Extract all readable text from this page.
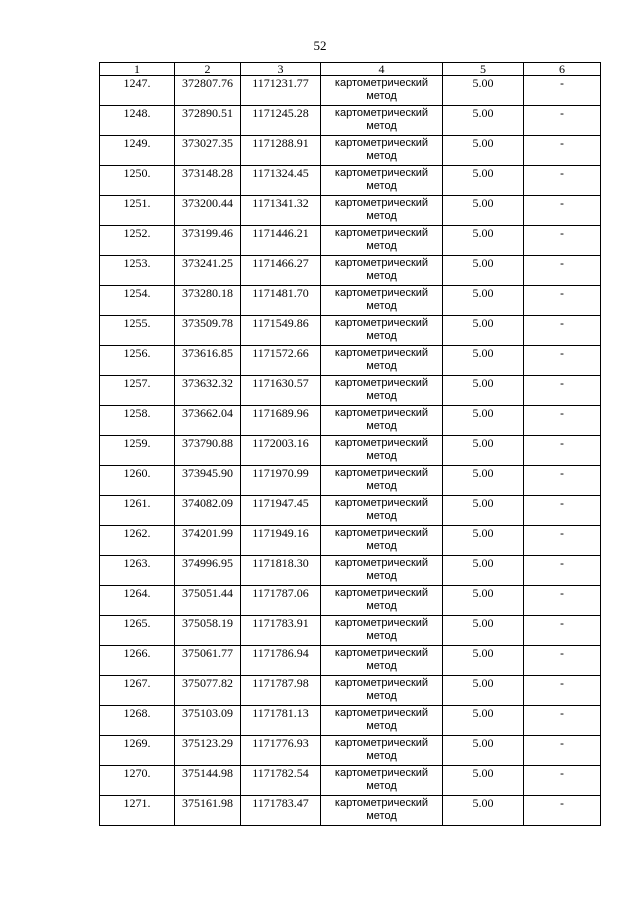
52
1	2	3	4	5	6
1247.	372807.76	1171231.77	картометрический метод	5.00	-
1248.	372890.51	1171245.28	картометрический метод	5.00	-
1249.	373027.35	1171288.91	картометрический метод	5.00	-
1250.	373148.28	1171324.45	картометрический метод	5.00	-
1251.	373200.44	1171341.32	картометрический метод	5.00	-
1252.	373199.46	1171446.21	картометрический метод	5.00	-
1253.	373241.25	1171466.27	картометрический метод	5.00	-
1254.	373280.18	1171481.70	картометрический метод	5.00	-
1255.	373509.78	1171549.86	картометрический метод	5.00	-
1256.	373616.85	1171572.66	картометрический метод	5.00	-
1257.	373632.32	1171630.57	картометрический метод	5.00	-
1258.	373662.04	1171689.96	картометрический метод	5.00	-
1259.	373790.88	1172003.16	картометрический метод	5.00	-
1260.	373945.90	1171970.99	картометрический метод	5.00	-
1261.	374082.09	1171947.45	картометрический метод	5.00	-
1262.	374201.99	1171949.16	картометрический метод	5.00	-
1263.	374996.95	1171818.30	картометрический метод	5.00	-
1264.	375051.44	1171787.06	картометрический метод	5.00	-
1265.	375058.19	1171783.91	картометрический метод	5.00	-
1266.	375061.77	1171786.94	картометрический метод	5.00	-
1267.	375077.82	1171787.98	картометрический метод	5.00	-
1268.	375103.09	1171781.13	картометрический метод	5.00	-
1269.	375123.29	1171776.93	картометрический метод	5.00	-
1270.	375144.98	1171782.54	картометрический метод	5.00	-
1271.	375161.98	1171783.47	картометрический метод	5.00	-
